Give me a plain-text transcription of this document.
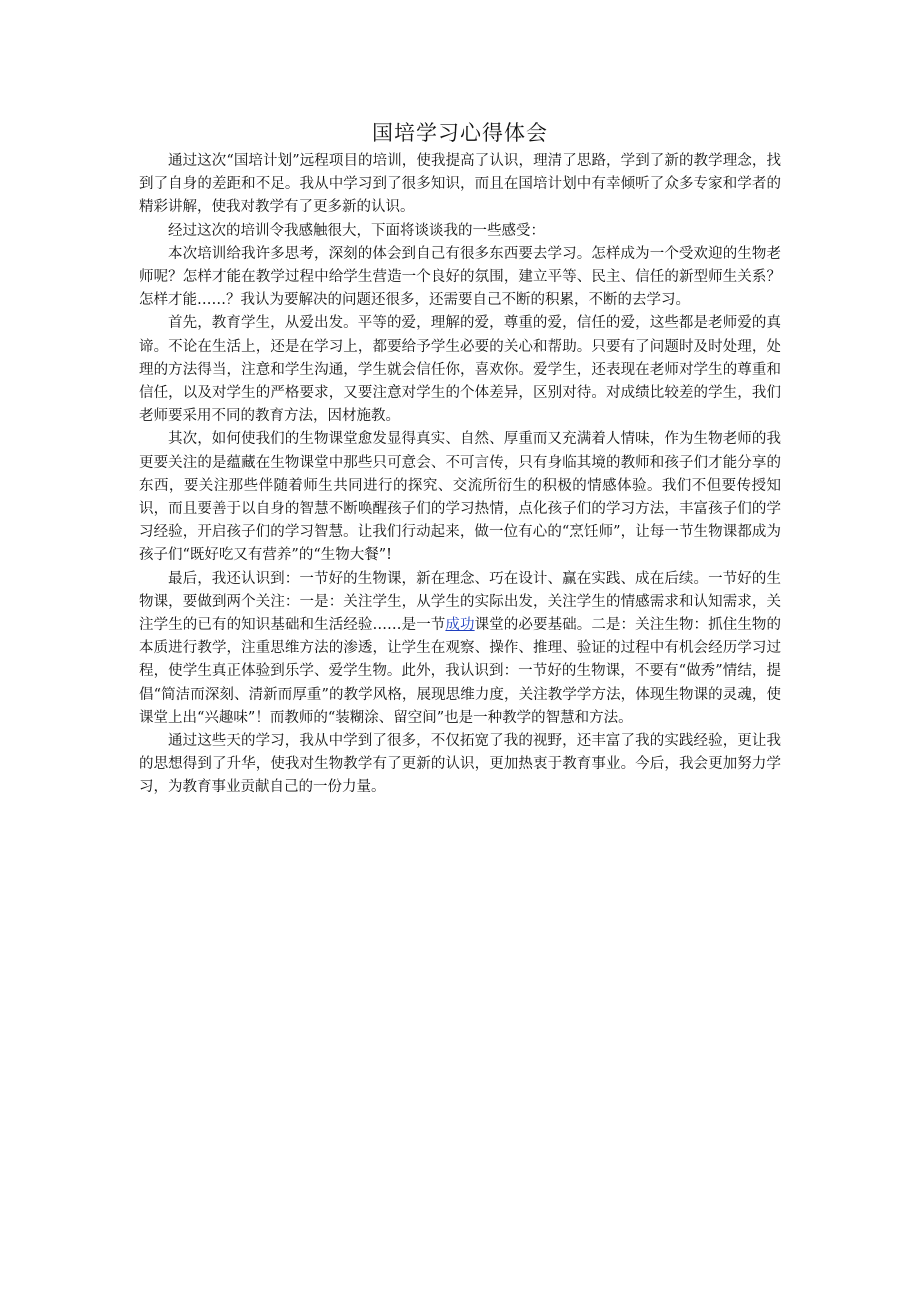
国培学习心得体会

通过这次“国培计划”远程项目的培训，使我提高了认识，理清了思路，学到了新的教学理念，找到了自身的差距和不足。我从中学习到了很多知识，而且在国培计划中有幸倾听了众多专家和学者的精彩讲解，使我对教学有了更多新的认识。

经过这次的培训令我感触很大，下面将谈谈我的一些感受：

本次培训给我许多思考，深刻的体会到自己有很多东西要去学习。怎样成为一个受欢迎的生物老师呢？怎样才能在教学过程中给学生营造一个良好的氛围，建立平等、民主、信任的新型师生关系？怎样才能……？我认为要解决的问题还很多，还需要自己不断的积累，不断的去学习。

首先，教育学生，从爱出发。平等的爱，理解的爱，尊重的爱，信任的爱，这些都是老师爱的真谛。不论在生活上，还是在学习上，都要给予学生必要的关心和帮助。只要有了问题时及时处理，处理的方法得当，注意和学生沟通，学生就会信任你，喜欢你。爱学生，还表现在老师对学生的尊重和信任，以及对学生的严格要求，又要注意对学生的个体差异，区别对待。对成绩比较差的学生，我们老师要采用不同的教育方法，因材施教。

其次，如何使我们的生物课堂愈发显得真实、自然、厚重而又充满着人情味，作为生物老师的我更要关注的是蕴藏在生物课堂中那些只可意会、不可言传，只有身临其境的教师和孩子们才能分享的东西，要关注那些伴随着师生共同进行的探究、交流所衍生的积极的情感体验。我们不但要传授知识，而且要善于以自身的智慧不断唤醒孩子们的学习热情，点化孩子们的学习方法，丰富孩子们的学习经验，开启孩子们的学习智慧。让我们行动起来，做一位有心的“烹饪师”，让每一节生物课都成为孩子们“既好吃又有营养”的“生物大餐”!

最后，我还认识到：一节好的生物课，新在理念、巧在设计、赢在实践、成在后续。一节好的生物课，要做到两个关注：一是：关注学生，从学生的实际出发，关注学生的情感需求和认知需求，关注学生的已有的知识基础和生活经验……是一节成功课堂的必要基础。二是：关注生物：抓住生物的本质进行教学，注重思维方法的渗透，让学生在观察、操作、推理、验证的过程中有机会经历学习过程，使学生真正体验到乐学、爱学生物。此外，我认识到：一节好的生物课，不要有“做秀”情结，提倡“简洁而深刻、清新而厚重”的教学风格，展现思维力度，关注教学学方法，体现生物课的灵魂，使课堂上出“兴趣味”！而教师的“装糊涂、留空间”也是一种教学的智慧和方法。

通过这些天的学习，我从中学到了很多，不仅拓宽了我的视野，还丰富了我的实践经验，更让我的思想得到了升华，使我对生物教学有了更新的认识，更加热衷于教育事业。今后，我会更加努力学习，为教育事业贡献自己的一份力量。
